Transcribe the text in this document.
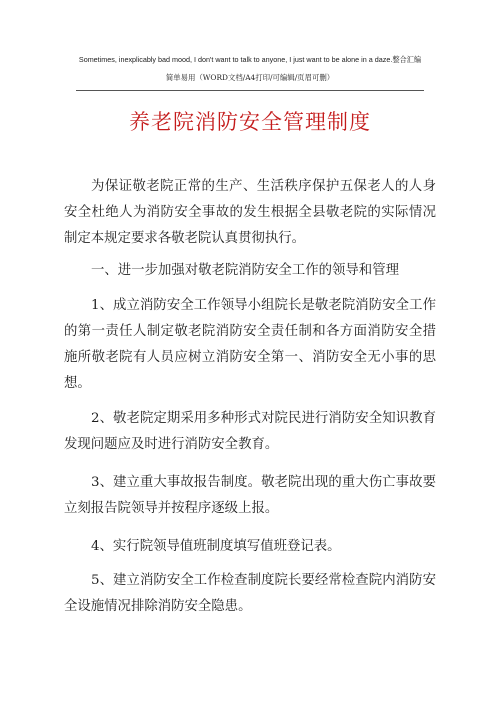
Sometimes, inexplicably bad mood, I don't want to talk to anyone, I just want to be alone in a daze.整合汇编
简单易用（WORD文档/A4打印/可编辑/页眉可删）
养老院消防安全管理制度

为保证敬老院正常的生产、生活秩序保护五保老人的人身安全杜绝人为消防安全事故的发生根据全县敬老院的实际情况制定本规定要求各敬老院认真贯彻执行。

一、进一步加强对敬老院消防安全工作的领导和管理

1、成立消防安全工作领导小组院长是敬老院消防安全工作的第一责任人制定敬老院消防安全责任制和各方面消防安全措施所敬老院有人员应树立消防安全第一、消防安全无小事的思想。

2、敬老院定期采用多种形式对院民进行消防安全知识教育发现问题应及时进行消防安全教育。

3、建立重大事故报告制度。敬老院出现的重大伤亡事故要立刻报告院领导并按程序逐级上报。

4、实行院领导值班制度填写值班登记表。

5、建立消防安全工作检查制度院长要经常检查院内消防安全设施情况排除消防安全隐患。
